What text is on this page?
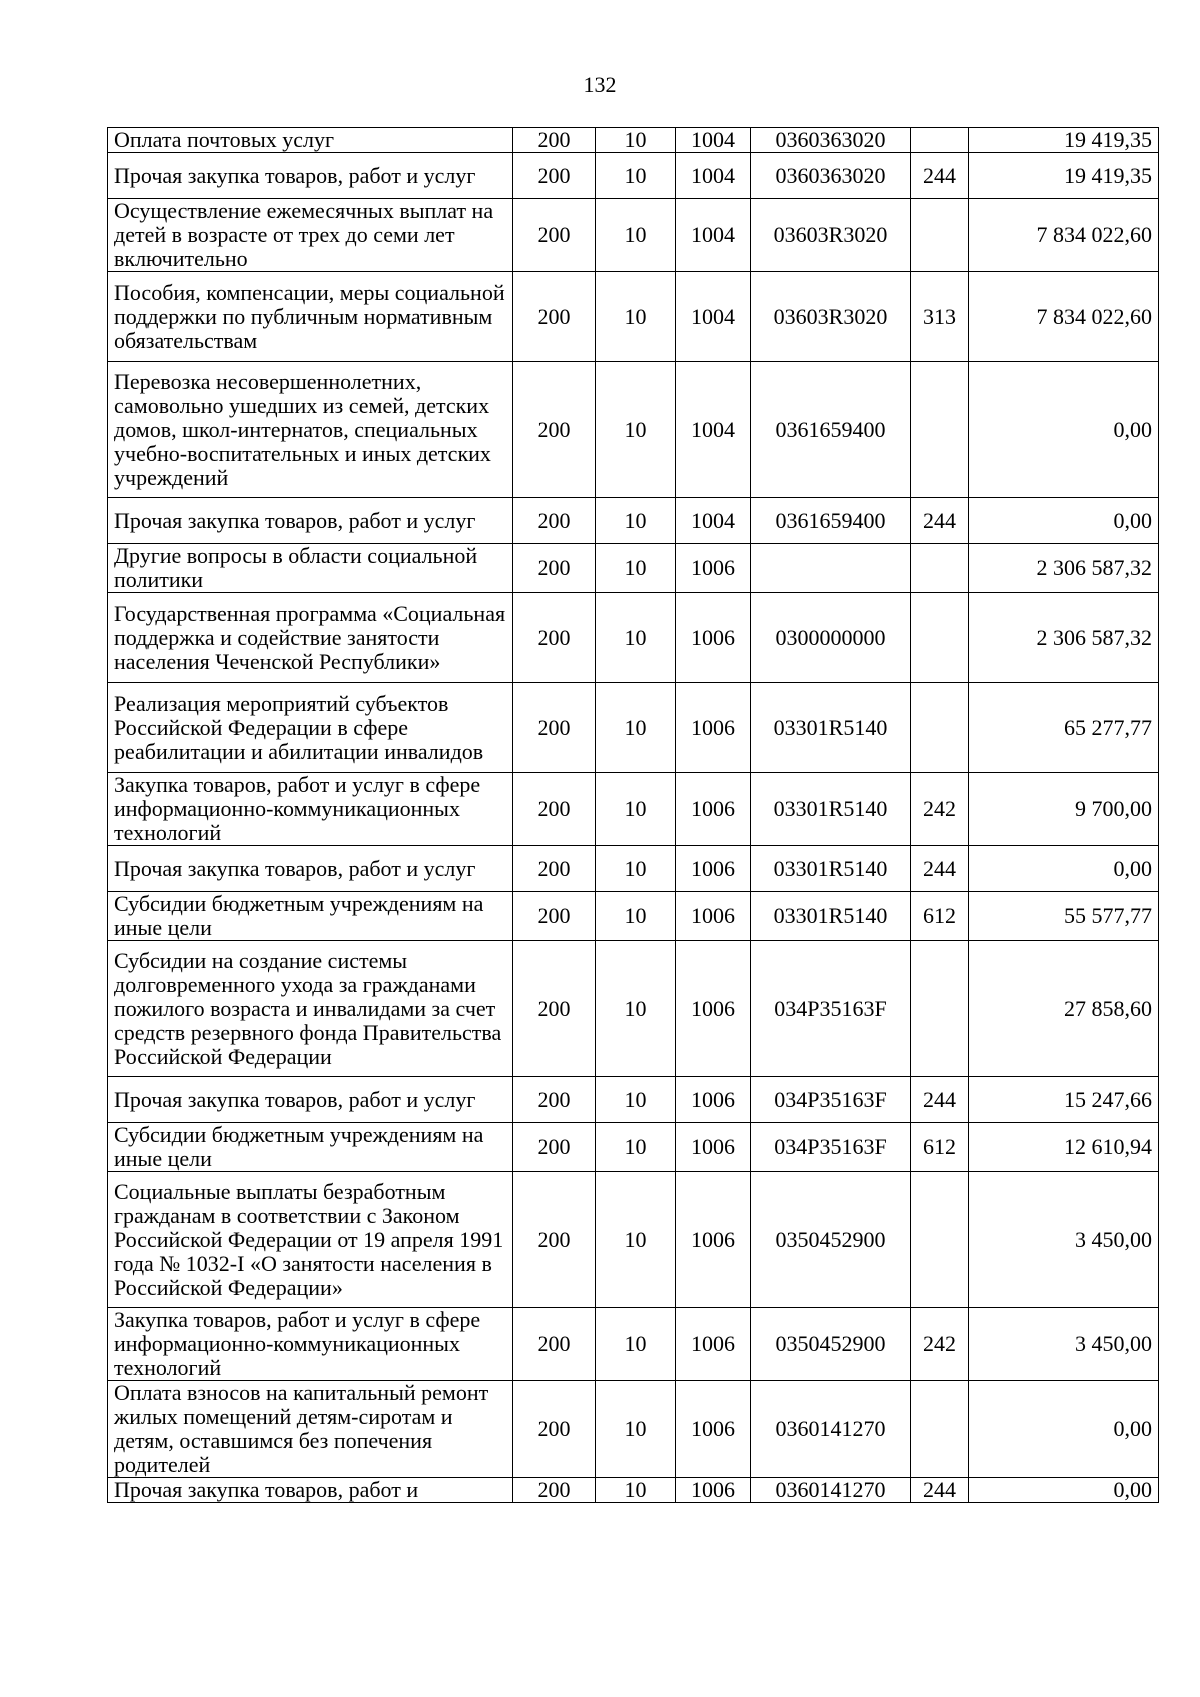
132
Оплата почтовых услуг	200	10	1004	0360363020		19 419,35
Прочая закупка товаров, работ и услуг	200	10	1004	0360363020	244	19 419,35
Осуществление ежемесячных выплат на детей в возрасте от трех до семи лет включительно	200	10	1004	03603R3020		7 834 022,60
Пособия, компенсации, меры социальной поддержки по публичным нормативным обязательствам	200	10	1004	03603R3020	313	7 834 022,60
Перевозка несовершеннолетних, самовольно ушедших из семей, детских домов, школ-интернатов, специальных учебно-воспитательных и иных детских учреждений	200	10	1004	0361659400		0,00
Прочая закупка товаров, работ и услуг	200	10	1004	0361659400	244	0,00
Другие вопросы в области социальной политики	200	10	1006			2 306 587,32
Государственная программа «Социальная поддержка и содействие занятости населения Чеченской Республики»	200	10	1006	0300000000		2 306 587,32
Реализация мероприятий субъектов Российской Федерации в сфере реабилитации и абилитации инвалидов	200	10	1006	03301R5140		65 277,77
Закупка товаров, работ и услуг в сфере информационно-коммуникационных технологий	200	10	1006	03301R5140	242	9 700,00
Прочая закупка товаров, работ и услуг	200	10	1006	03301R5140	244	0,00
Субсидии бюджетным учреждениям на иные цели	200	10	1006	03301R5140	612	55 577,77
Субсидии на создание системы долговременного ухода за гражданами пожилого возраста и инвалидами за счет средств резервного фонда Правительства Российской Федерации	200	10	1006	034P35163F		27 858,60
Прочая закупка товаров, работ и услуг	200	10	1006	034P35163F	244	15 247,66
Субсидии бюджетным учреждениям на иные цели	200	10	1006	034P35163F	612	12 610,94
Социальные выплаты безработным гражданам в соответствии с Законом Российской Федерации от 19 апреля 1991 года № 1032-I «О занятости населения в Российской Федерации»	200	10	1006	0350452900		3 450,00
Закупка товаров, работ и услуг в сфере информационно-коммуникационных технологий	200	10	1006	0350452900	242	3 450,00
Оплата взносов на капитальный ремонт жилых помещений детям-сиротам и детям, оставшимся без попечения родителей	200	10	1006	0360141270		0,00
Прочая закупка товаров, работ и	200	10	1006	0360141270	244	0,00
